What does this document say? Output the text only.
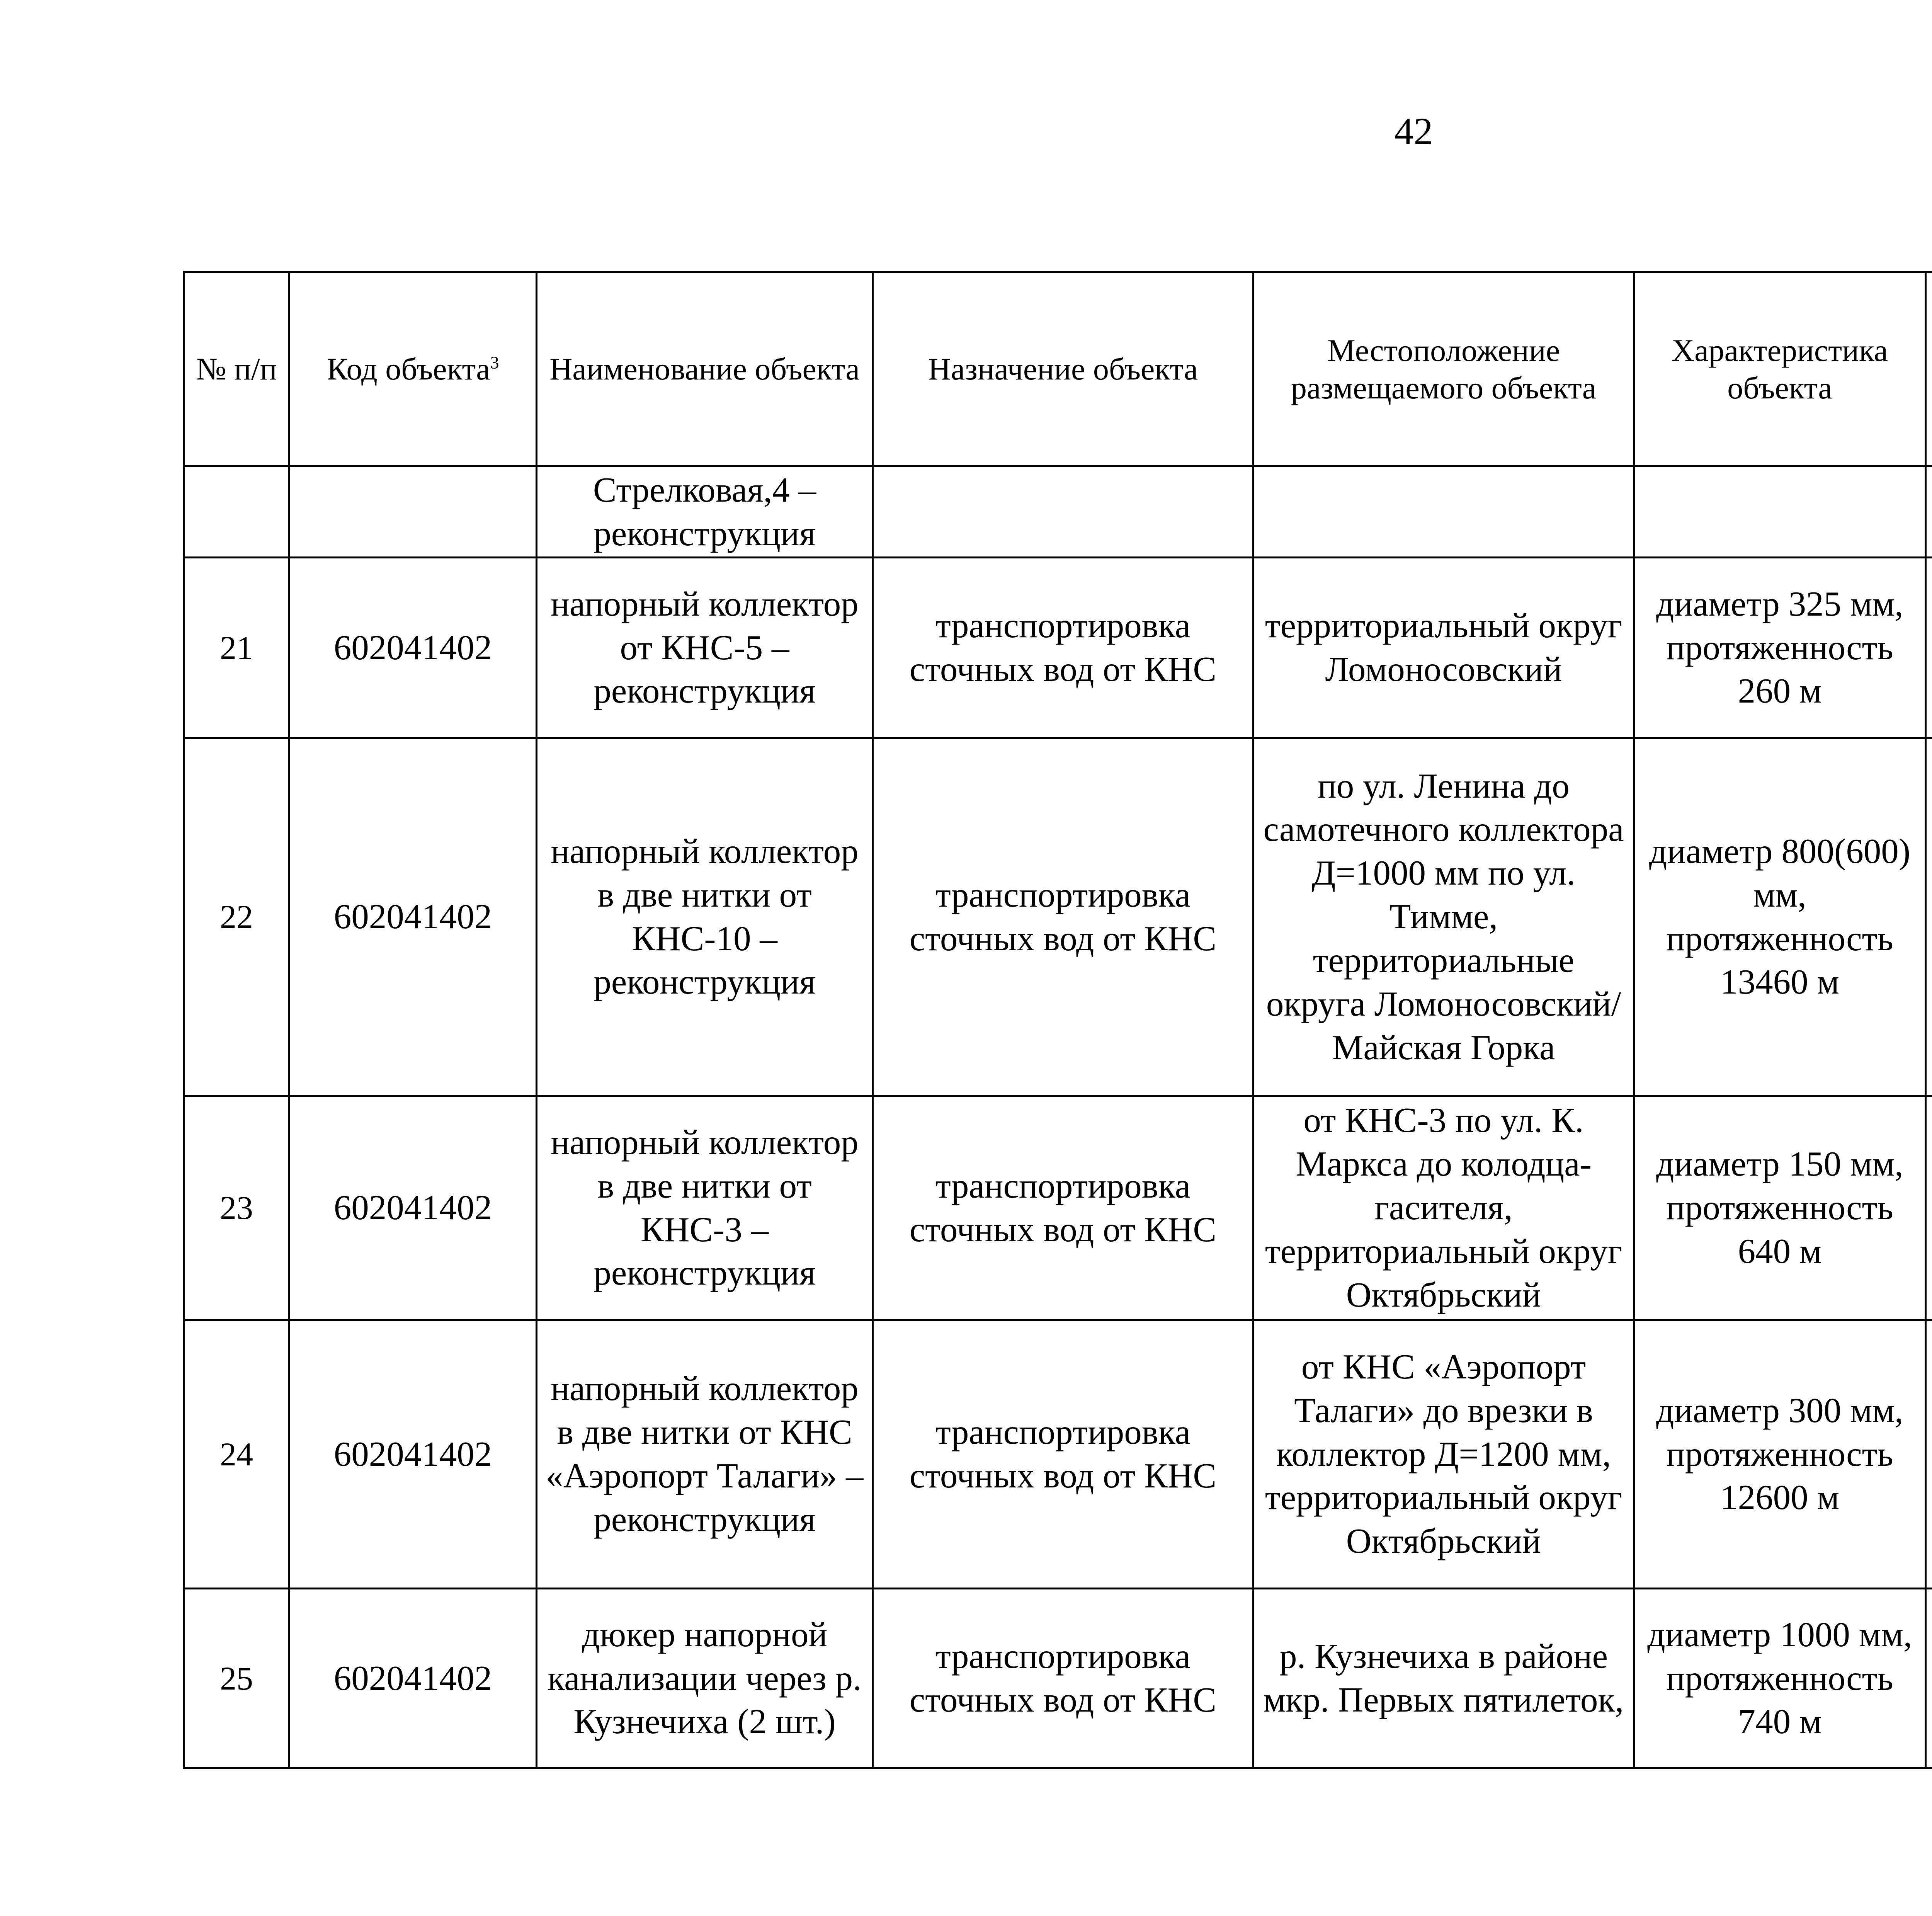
42

№ п/п	Код объекта$^3$	Наименование объекта	Назначение объекта	Местоположение размещаемого объекта	Характеристика объекта	
		Стрелковая,4 – реконструкция				
21	602041402	напорный коллектор от КНС-5 – реконструкция	транспортировка сточных вод от КНС	территориальный округ Ломоносовский	диаметр 325 мм, протяженность 260 м	
22	602041402	напорный коллектор в две нитки от КНС-10 – реконструкция	транспортировка сточных вод от КНС	по ул. Ленина до самотечного коллектора Д=1000 мм по ул. Тимме, территориальные округа Ломоносовский/Майская Горка	диаметр 800(600) мм, протяженность 13460 м	
23	602041402	напорный коллектор в две нитки от КНС-3 – реконструкция	транспортировка сточных вод от КНС	от КНС-3 по ул. К. Маркса до колодца-гасителя, территориальный округ Октябрьский	диаметр 150 мм, протяженность 640 м	
24	602041402	напорный коллектор в две нитки от КНС «Аэропорт Талаги» – реконструкция	транспортировка сточных вод от КНС	от КНС «Аэропорт Талаги» до врезки в коллектор Д=1200 мм, территориальный округ Октябрьский	диаметр 300 мм, протяженность 12600 м	
25	602041402	дюкер напорной канализации через р. Кузнечиха (2 шт.)	транспортировка сточных вод от КНС	р. Кузнечиха в районе мкр. Первых пятилеток,	диаметр 1000 мм, протяженность 740 м	
